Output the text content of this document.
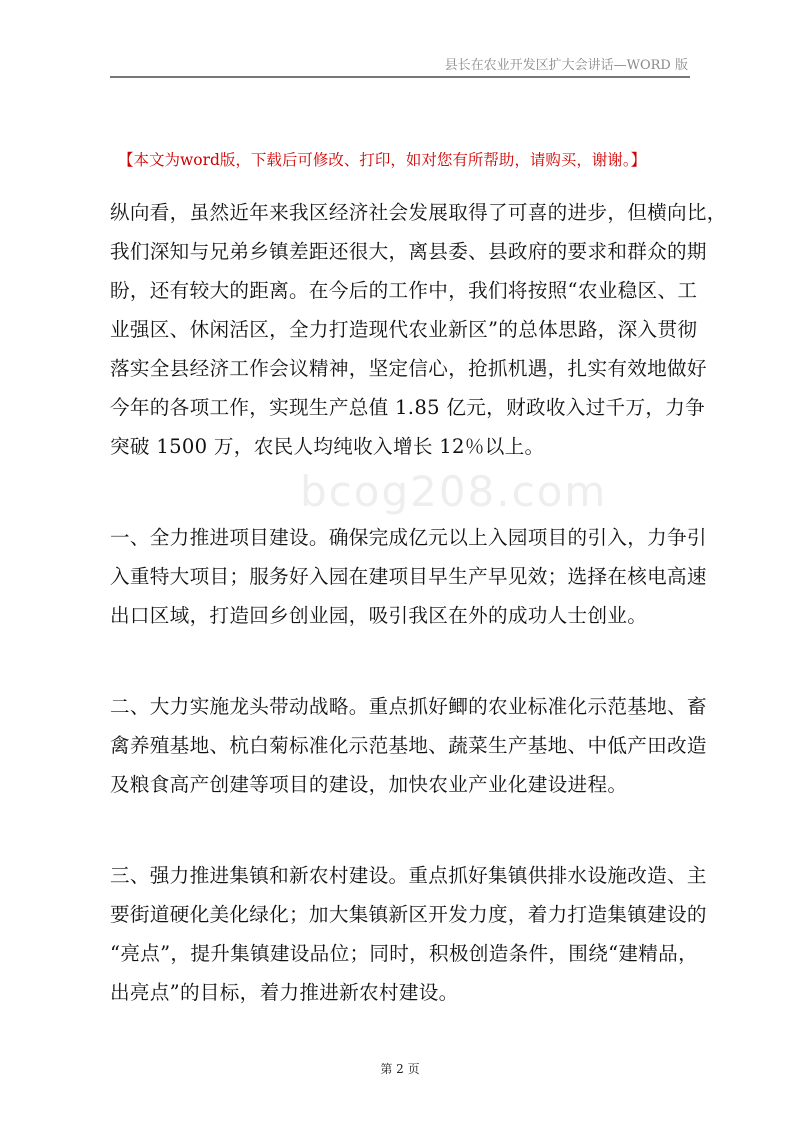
县长在农业开发区扩大会讲话—WORD 版
【本文为word版，下载后可修改、打印，如对您有所帮助，请购买，谢谢。】
bcog208.com
纵向看，虽然近年来我区经济社会发展取得了可喜的进步，但横向比，
我们深知与兄弟乡镇差距还很大，离县委、县政府的要求和群众的期
盼，还有较大的距离。在今后的工作中，我们将按照“农业稳区、工
业强区、休闲活区，全力打造现代农业新区”的总体思路，深入贯彻
落实全县经济工作会议精神，坚定信心，抢抓机遇，扎实有效地做好
今年的各项工作，实现生产总值 1.85 亿元，财政收入过千万，力争
突破 1500 万，农民人均纯收入增长 12％以上。
一、全力推进项目建设。确保完成亿元以上入园项目的引入，力争引
入重特大项目；服务好入园在建项目早生产早见效；选择在核电高速
出口区域，打造回乡创业园，吸引我区在外的成功人士创业。
二、大力实施龙头带动战略。重点抓好鲫的农业标准化示范基地、畜
禽养殖基地、杭白菊标准化示范基地、蔬菜生产基地、中低产田改造
及粮食高产创建等项目的建设，加快农业产业化建设进程。
三、强力推进集镇和新农村建设。重点抓好集镇供排水设施改造、主
要街道硬化美化绿化；加大集镇新区开发力度，着力打造集镇建设的
“亮点”，提升集镇建设品位；同时，积极创造条件，围绕“建精品，
出亮点”的目标，着力推进新农村建设。
第 2 页
